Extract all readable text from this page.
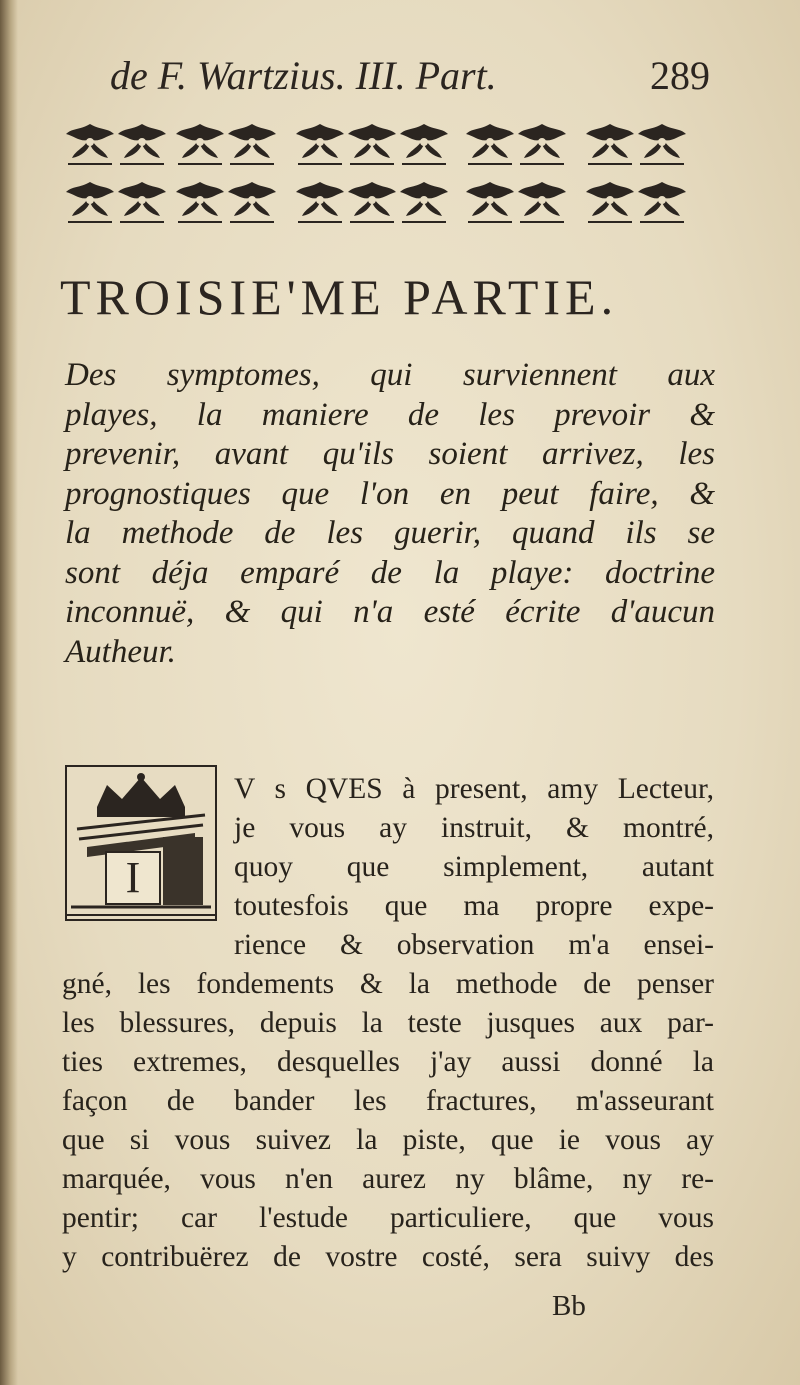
de F. Wartzius. III. Part.	289
TROISIE'ME PARTIE.
Des symptomes, qui surviennent aux
playes, la maniere de les prevoir &
prevenir, avant qu'ils soient arrivez, les
prognostiques que l'on en peut faire, &
la methode de les guerir, quand ils se
sont déja emparé de la playe: doctrine
inconnuë, & qui n'a esté écrite d'aucun
Autheur.
I
V s QVES à present, amy Lecteur,
je vous ay instruit, & montré,
quoy que simplement, autant
toutesfois que ma propre expe-
rience & observation m'a ensei-
gné, les fondements & la methode de penser
les blessures, depuis la teste jusques aux par-
ties extremes, desquelles j'ay aussi donné la
façon de bander les fractures, m'asseurant
que si vous suivez la piste, que ie vous ay
marquée, vous n'en aurez ny blâme, ny re-
pentir; car l'estude particuliere, que vous
y contribuërez de vostre costé, sera suivy des
Bb
